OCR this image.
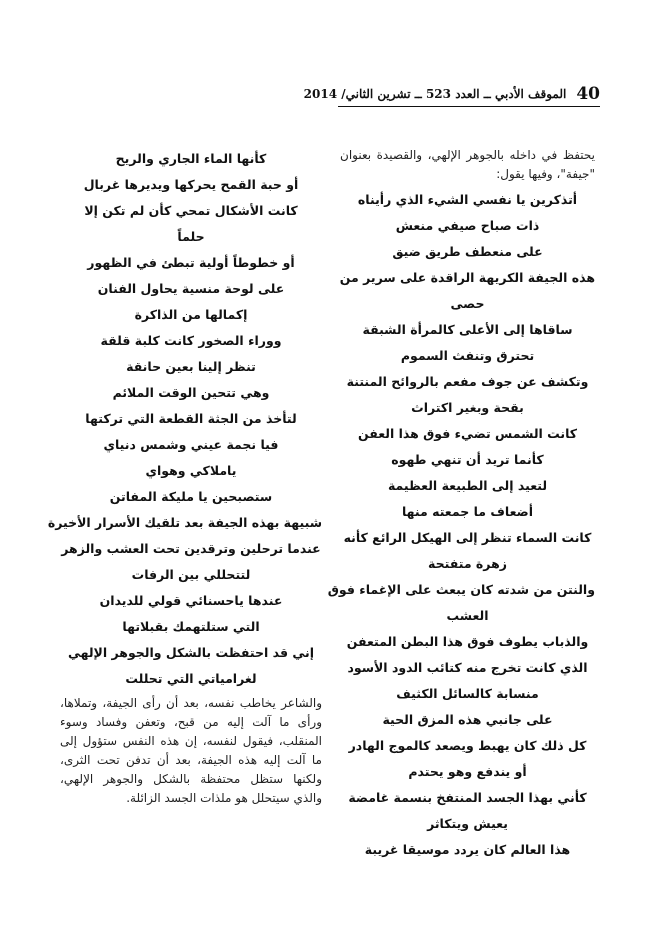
40
الموقف الأدبي ــ العدد 523 ــ تشرين الثاني/ 2014

يحتفظ في داخله بالجوهر الإلهي، والقصيدة بعنوان "جيفة"، وفيها يقول:

أتذكرين يا نفسي الشيء الذي رأيناه
ذات صباح صيفي منعش
على منعطف طريق ضيق
هذه الجيفة الكريهة الراقدة على سرير من
حصى
ساقاها إلى الأعلى كالمرأة الشبقة
تحترق وتنفث السموم
وتكشف عن جوف مفعم بالروائح المنتنة
بقحة وبغير اكتراث
كانت الشمس تضيء فوق هذا العفن
كأنما تريد أن تنهي طهوه
لتعيد إلى الطبيعة العظيمة
أضعاف ما جمعته منها
كانت السماء تنظر إلى الهيكل الرائع كأنه
زهرة متفتحة
والنتن من شدته كان يبعث على الإغماء فوق
العشب
والذباب يطوف فوق هذا البطن المتعفن
الذي كانت تخرج منه كتائب الدود الأسود
منسابة كالسائل الكثيف
على جانبي هذه المزق الحية
كل ذلك كان يهبط ويصعد كالموج الهادر
أو يندفع وهو يحتدم
كأني بهذا الجسد المنتفخ بنسمة غامضة
يعيش ويتكاثر
هذا العالم كان يردد موسيقا غريبة
كأنها الماء الجاري والريح
أو حبة القمح يحركها ويديرها غربال
كانت الأشكال تمحي كأن لم تكن إلا
حلماً
أو خطوطاً أولية تبطئ في الظهور
على لوحة منسية يحاول الفنان
إكمالها من الذاكرة
ووراء الصخور كانت كلبة قلقة
تنظر إلينا بعين حانقة
وهي تتحين الوقت الملائم
لتأخذ من الجثة القطعة التي تركتها
فيا نجمة عيني وشمس دنياي
ياملاكي وهواي
ستصبحين يا مليكة المفاتن
شبيهة بهذه الجيفة بعد تلقيك الأسرار الأخيرة
عندما ترحلين وترقدين تحت العشب والزهر
لتتحللي بين الرفات
عندها ياحسنائي قولي للديدان
التي ستلتهمك بقبلاتها
إني قد احتفظت بالشكل والجوهر الإلهي
لغرامياتي التي تحللت

والشاعر يخاطب نفسه، بعد أن رأى الجيفة، وتملاها، ورأى ما آلت إليه من قبح، وتعفن وفساد وسوء المنقلب، فيقول لنفسه، إن هذه النفس ستؤول إلى ما آلت إليه هذه الجيفة، بعد أن تدفن تحت الثرى، ولكنها ستظل محتفظة بالشكل والجوهر الإلهي، والذي سيتحلل هو ملذات الجسد الزائلة.
